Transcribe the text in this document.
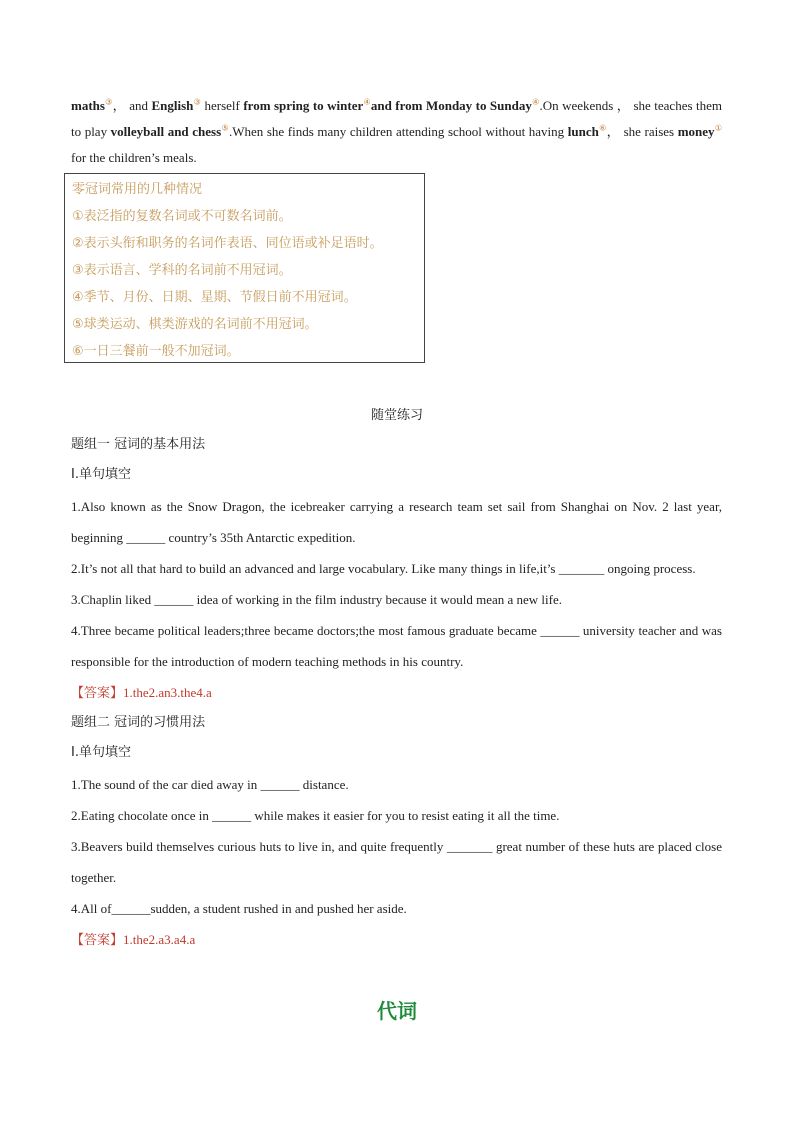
maths③， and English③ herself from spring to winter④and from Monday to Sunday④.On weekends ， she teaches them to play volleyball and chess⑤.When she finds many children attending school without having lunch⑥， she raises money① for the children’s meals.
零冠词常用的几种情况
①表泛指的复数名词或不可数名词前。
②表示头衔和职务的名词作表语、同位语或补足语时。
③表示语言、学科的名词前不用冠词。
④季节、月份、日期、星期、节假日前不用冠词。
⑤球类运动、棋类游戏的名词前不用冠词。
⑥一日三餐前一般不加冠词。
随堂练习
题组一 冠词的基本用法
Ⅰ.单句填空
1.Also known as the Snow Dragon, the icebreaker carrying a research team set sail from Shanghai on Nov. 2 last year, beginning ______ country’s 35th Antarctic expedition.
2.It’s not all that hard to build an advanced and large vocabulary. Like many things in life,it’s _______ ongoing process.
3.Chaplin liked ______ idea of working in the film industry because it would mean a new life.
4.Three became political leaders;three became doctors;the most famous graduate became ______ university teacher and was responsible for the introduction of modern teaching methods in his country.
【答案】1.the2.an3.the4.a
题组二 冠词的习惯用法
Ⅰ.单句填空
1.The sound of the car died away in ______ distance.
2.Eating chocolate once in ______ while makes it easier for you to resist eating it all the time.
3.Beavers build themselves curious huts to live in, and quite frequently _______ great number of these huts are placed close together.
4.All of______sudden, a student rushed in and pushed her aside.
【答案】1.the2.a3.a4.a
代词
